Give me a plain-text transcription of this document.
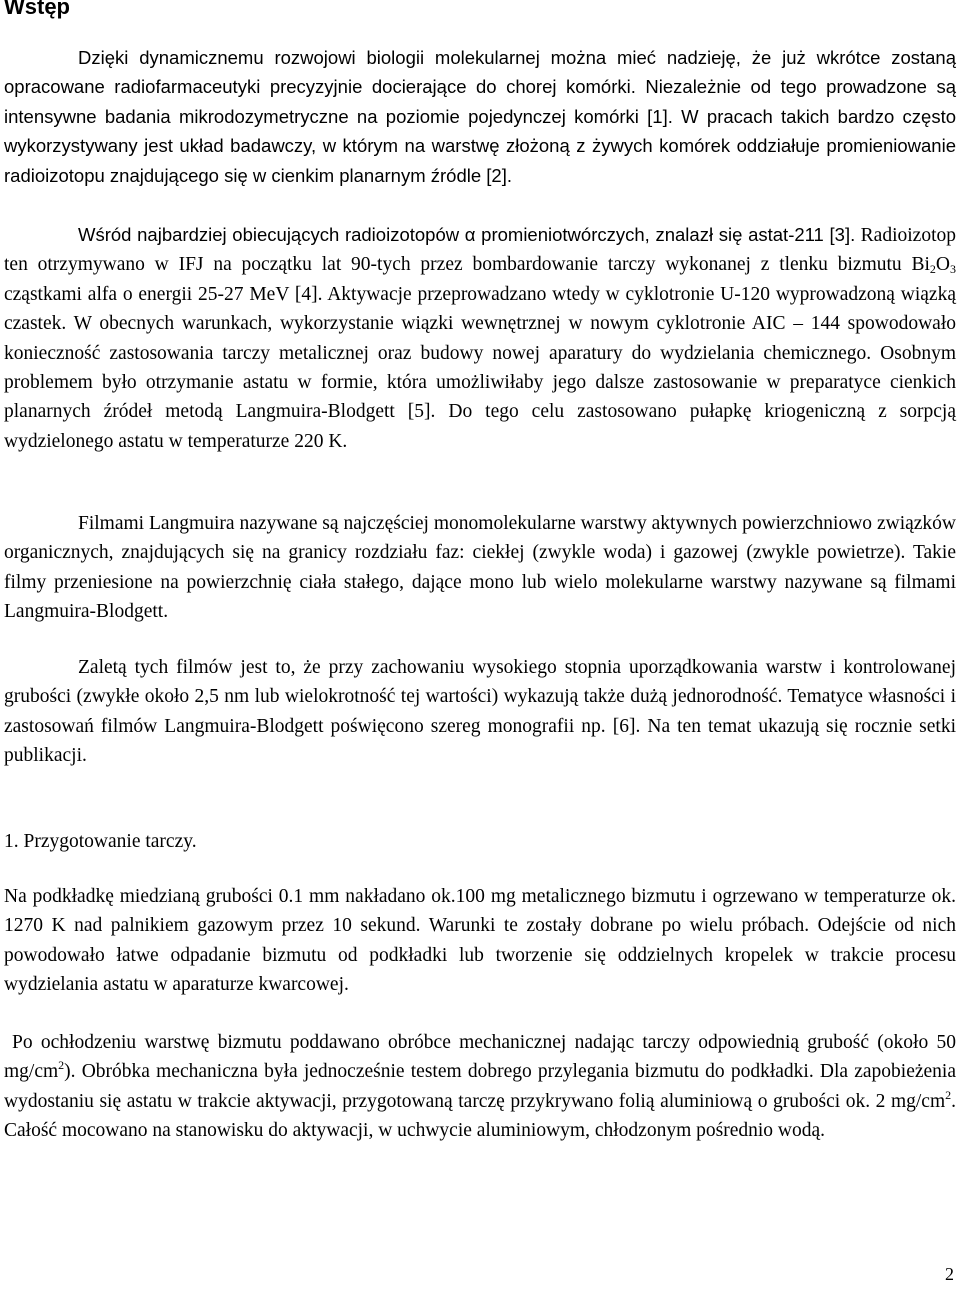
Wstęp

Dzięki dynamicznemu rozwojowi biologii molekularnej można mieć nadzieję, że już wkrótce zostaną opracowane radiofarmaceutyki precyzyjnie docierające do chorej komórki. Niezależnie od tego prowadzone są intensywne badania mikrodozymetryczne na poziomie pojedynczej komórki [1]. W pracach takich bardzo często wykorzystywany jest układ badawczy, w którym na warstwę złożoną z żywych komórek oddziałuje promieniowanie radioizotopu znajdującego się w cienkim planarnym źródle [2].

Wśród najbardziej obiecujących radioizotopów α promieniotwórczych, znalazł się astat-211 [3]. Radioizotop ten otrzymywano w IFJ na początku lat 90-tych przez bombardowanie tarczy wykonanej z tlenku bizmutu $Bi_2O_3$ cząstkami alfa o energii 25-27 MeV [4]. Aktywacje przeprowadzano wtedy w cyklotronie U-120 wyprowadzoną wiązką czastek. W obecnych warunkach, wykorzystanie wiązki wewnętrznej w nowym cyklotronie AIC – 144 spowodowało konieczność zastosowania tarczy metalicznej oraz budowy nowej aparatury do wydzielania chemicznego. Osobnym problemem było otrzymanie astatu w formie, która umożliwiłaby jego dalsze zastosowanie w preparatyce cienkich planarnych źródeł metodą Langmuira-Blodgett [5]. Do tego celu zastosowano pułapkę kriogeniczną z sorpcją wydzielonego astatu w temperaturze 220 K.

Filmami Langmuira nazywane są najczęściej monomolekularne warstwy aktywnych powierzchniowo związków organicznych, znajdujących się na granicy rozdziału faz: ciekłej (zwykle woda) i gazowej (zwykle powietrze). Takie filmy przeniesione na powierzchnię ciała stałego, dające mono lub wielo molekularne warstwy nazywane są filmami Langmuira-Blodgett.

Zaletą tych filmów jest to, że przy zachowaniu wysokiego stopnia uporządkowania warstw i kontrolowanej grubości (zwykłe około 2,5 nm lub wielokrotność tej wartości) wykazują także dużą jednorodność. Tematyce własności i zastosowań filmów Langmuira-Blodgett poświęcono szereg monografii np. [6]. Na ten temat ukazują się rocznie setki publikacji.

1. Przygotowanie tarczy.

Na podkładkę miedzianą grubości 0.1 mm nakładano ok.100 mg metalicznego bizmutu i ogrzewano w temperaturze ok. 1270 K nad palnikiem gazowym przez 10 sekund. Warunki te zostały dobrane po wielu próbach. Odejście od nich powodowało łatwe odpadanie bizmutu od podkładki lub tworzenie się oddzielnych kropelek w trakcie procesu wydzielania astatu w aparaturze kwarcowej.

Po ochłodzeniu warstwę bizmutu poddawano obróbce mechanicznej nadając tarczy odpowiednią grubość (około 50 $mg/cm^2$). Obróbka mechaniczna była jednocześnie testem dobrego przylegania bizmutu do podkładki. Dla zapobieżenia wydostaniu się astatu w trakcie aktywacji, przygotowaną tarczę przykrywano folią aluminiową o grubości ok. 2 $mg/cm^2$. Całość mocowano na stanowisku do aktywacji, w uchwycie aluminiowym, chłodzonym pośrednio wodą.

2
